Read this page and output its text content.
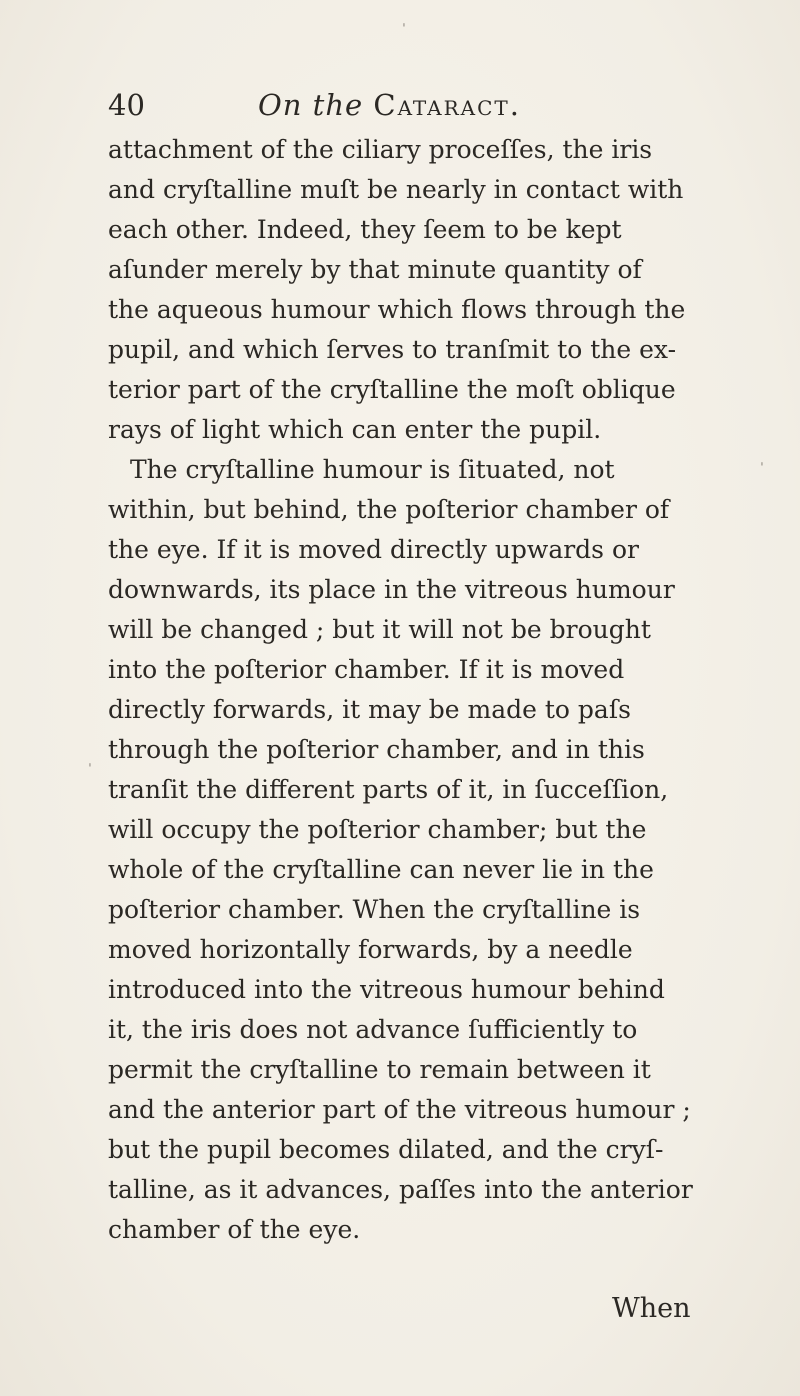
40	On the Cataract.
attachment of the ciliary proceſſes, the iris
and cryſtalline muſt be nearly in contact with
each other. Indeed, they ſeem to be kept
aſunder merely by that minute quantity of
the aqueous humour which flows through the
pupil, and which ſerves to tranſmit to the ex-
terior part of the cryſtalline the moſt oblique
rays of light which can enter the pupil.
The cryſtalline humour is ſituated, not
within, but behind, the poſterior chamber of
the eye. If it is moved directly upwards or
downwards, its place in the vitreous humour
will be changed ; but it will not be brought
into the poſterior chamber. If it is moved
directly forwards, it may be made to paſs
through the poſterior chamber, and in this
tranſit the different parts of it, in ſucceſſion,
will occupy the poſterior chamber; but the
whole of the cryſtalline can never lie in the
poſterior chamber. When the cryſtalline is
moved horizontally forwards, by a needle
introduced into the vitreous humour behind
it, the iris does not advance ſufficiently to
permit the cryſtalline to remain between it
and the anterior part of the vitreous humour ;
but the pupil becomes dilated, and the cryſ-
talline, as it advances, paſſes into the anterior
chamber of the eye.
When
ˈ
ˌ
ˈ
